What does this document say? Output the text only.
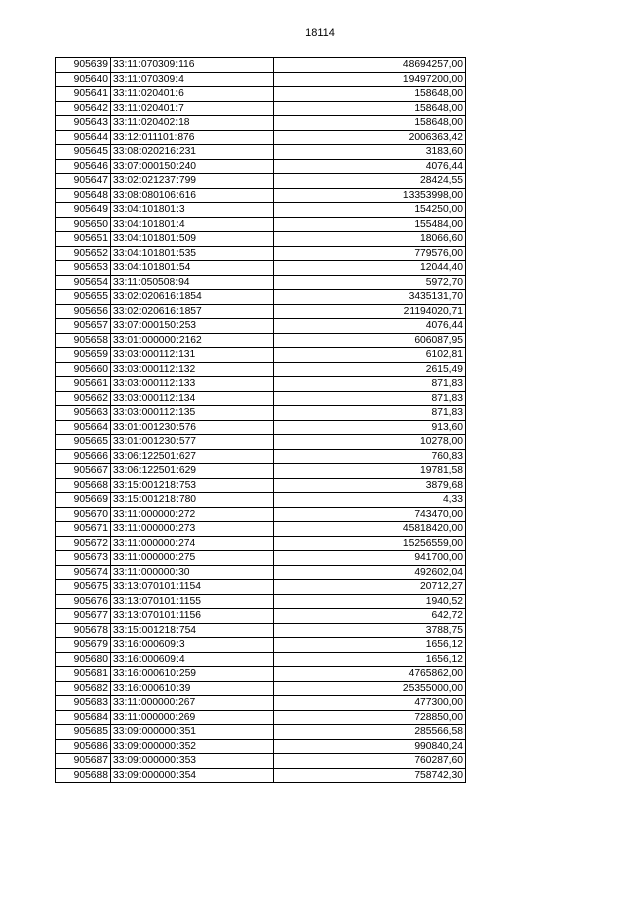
18114
905639	33:11:070309:116	48694257,00
905640	33:11:070309:4	19497200,00
905641	33:11:020401:6	158648,00
905642	33:11:020401:7	158648,00
905643	33:11:020402:18	158648,00
905644	33:12:011101:876	2006363,42
905645	33:08:020216:231	3183,60
905646	33:07:000150:240	4076,44
905647	33:02:021237:799	28424,55
905648	33:08:080106:616	13353998,00
905649	33:04:101801:3	154250,00
905650	33:04:101801:4	155484,00
905651	33:04:101801:509	18066,60
905652	33:04:101801:535	779576,00
905653	33:04:101801:54	12044,40
905654	33:11:050508:94	5972,70
905655	33:02:020616:1854	3435131,70
905656	33:02:020616:1857	21194020,71
905657	33:07:000150:253	4076,44
905658	33:01:000000:2162	606087,95
905659	33:03:000112:131	6102,81
905660	33:03:000112:132	2615,49
905661	33:03:000112:133	871,83
905662	33:03:000112:134	871,83
905663	33:03:000112:135	871,83
905664	33:01:001230:576	913,60
905665	33:01:001230:577	10278,00
905666	33:06:122501:627	760,83
905667	33:06:122501:629	19781,58
905668	33:15:001218:753	3879,68
905669	33:15:001218:780	4,33
905670	33:11:000000:272	743470,00
905671	33:11:000000:273	45818420,00
905672	33:11:000000:274	15256559,00
905673	33:11:000000:275	941700,00
905674	33:11:000000:30	492602,04
905675	33:13:070101:1154	20712,27
905676	33:13:070101:1155	1940,52
905677	33:13:070101:1156	642,72
905678	33:15:001218:754	3788,75
905679	33:16:000609:3	1656,12
905680	33:16:000609:4	1656,12
905681	33:16:000610:259	4765862,00
905682	33:16:000610:39	25355000,00
905683	33:11:000000:267	477300,00
905684	33:11:000000:269	728850,00
905685	33:09:000000:351	285566,58
905686	33:09:000000:352	990840,24
905687	33:09:000000:353	760287,60
905688	33:09:000000:354	758742,30
